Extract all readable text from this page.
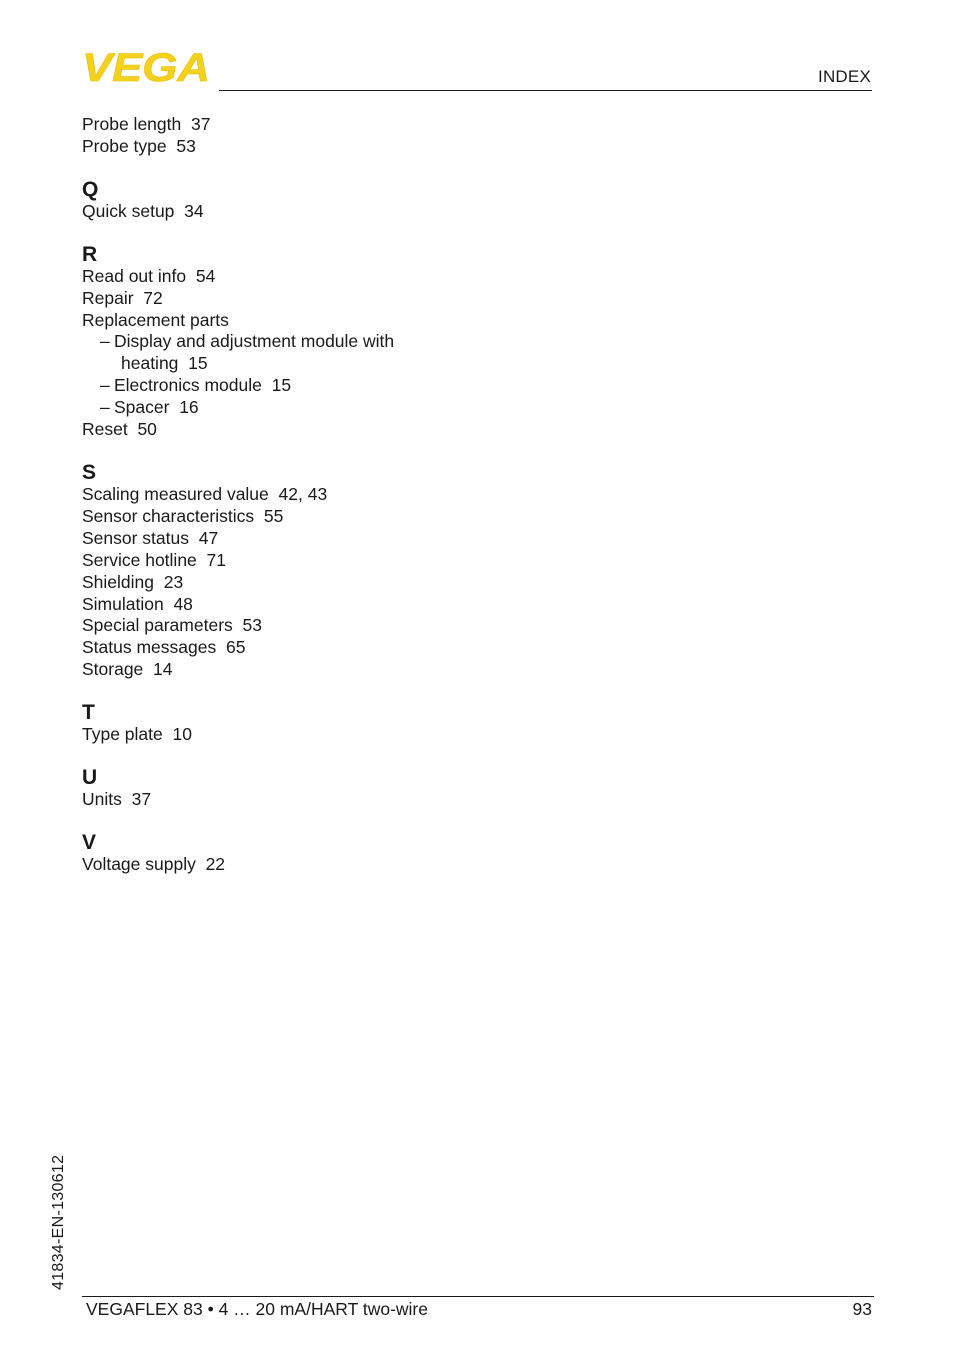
VEGA	INDEX
Probe length 37
Probe type 53
Q
Quick setup 34
R
Read out info 54
Repair 72
Replacement parts
– Display and adjustment module with
heating 15
– Electronics module 15
– Spacer 16
Reset 50
S
Scaling measured value 42, 43
Sensor characteristics 55
Sensor status 47
Service hotline 71
Shielding 23
Simulation 48
Special parameters 53
Status messages 65
Storage 14
T
Type plate 10
U
Units 37
V
Voltage supply 22
41834-EN-130612
VEGAFLEX 83 • 4 … 20 mA/HART two-wire	93
